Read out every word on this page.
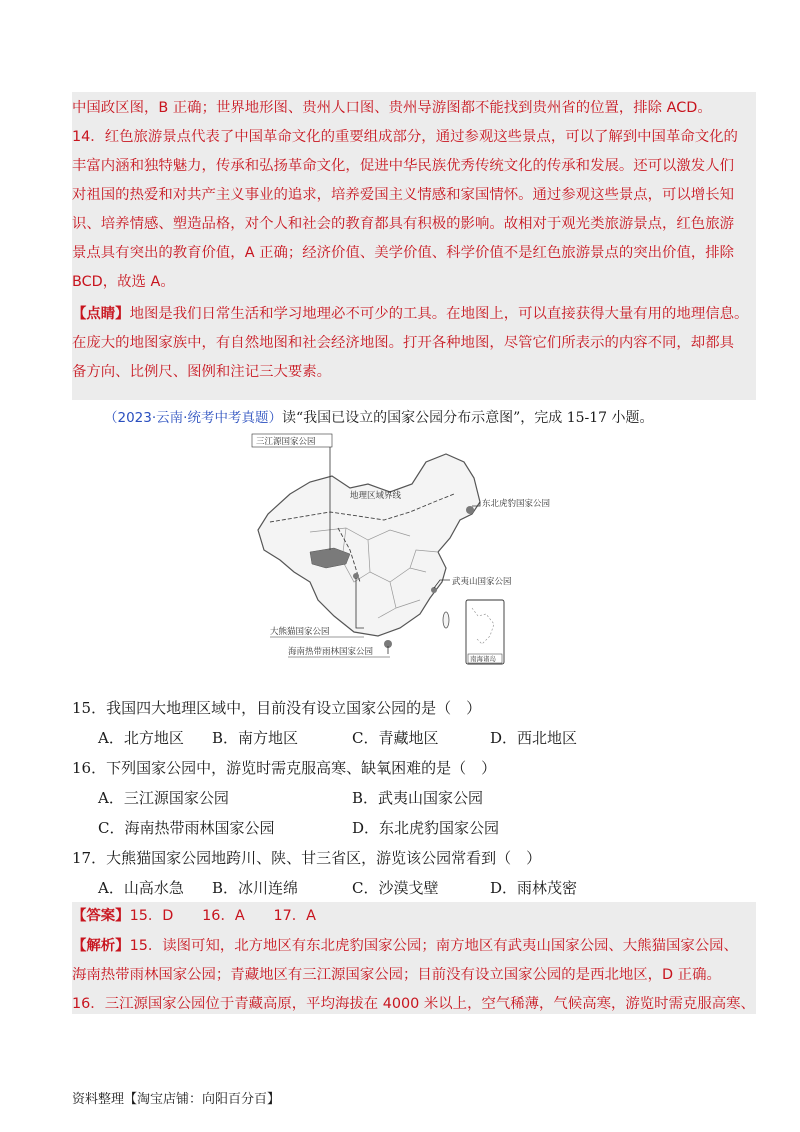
中国政区图，B 正确；世界地形图、贵州人口图、贵州导游图都不能找到贵州省的位置，排除 ACD。
14．红色旅游景点代表了中国革命文化的重要组成部分，通过参观这些景点，可以了解到中国革命文化的
丰富内涵和独特魅力，传承和弘扬革命文化，促进中华民族优秀传统文化的传承和发展。还可以激发人们
对祖国的热爱和对共产主义事业的追求，培养爱国主义情感和家国情怀。通过参观这些景点，可以增长知
识、培养情感、塑造品格，对个人和社会的教育都具有积极的影响。故相对于观光类旅游景点，红色旅游
景点具有突出的教育价值，A 正确；经济价值、美学价值、科学价值不是红色旅游景点的突出价值，排除
BCD，故选 A。
【点睛】地图是我们日常生活和学习地理必不可少的工具。在地图上，可以直接获得大量有用的地理信息。
在庞大的地图家族中，有自然地图和社会经济地图。打开各种地图，尽管它们所表示的内容不同，却都具
备方向、比例尺、图例和注记三大要素。
（2023·云南·统考中考真题）读“我国已设立的国家公园分布示意图”，完成 15-17 小题。
三江源国家公园
地理区域界线
东北虎豹国家公园
武夷山国家公园
大熊猫国家公园
海南热带雨林国家公园
南海诸岛
15．我国四大地理区域中，目前没有设立国家公园的是（　）
A．北方地区 B．南方地区	C．青藏地区	D．西北地区
16．下列国家公园中，游览时需克服高寒、缺氧困难的是（　）
A．三江源国家公园	B．武夷山国家公园
C．海南热带雨林国家公园	D．东北虎豹国家公园
17．大熊猫国家公园地跨川、陕、甘三省区，游览该公园常看到（　）
A．山高水急 B．冰川连绵	C．沙漠戈壁	D．雨林茂密
【答案】15．D　　16．A　　17．A
【解析】15．读图可知，北方地区有东北虎豹国家公园；南方地区有武夷山国家公园、大熊猫国家公园、
海南热带雨林国家公园；青藏地区有三江源国家公园；目前没有设立国家公园的是西北地区，D 正确。
16．三江源国家公园位于青藏高原，平均海拔在 4000 米以上，空气稀薄，气候高寒，游览时需克服高寒、
资料整理【淘宝店铺：向阳百分百】
